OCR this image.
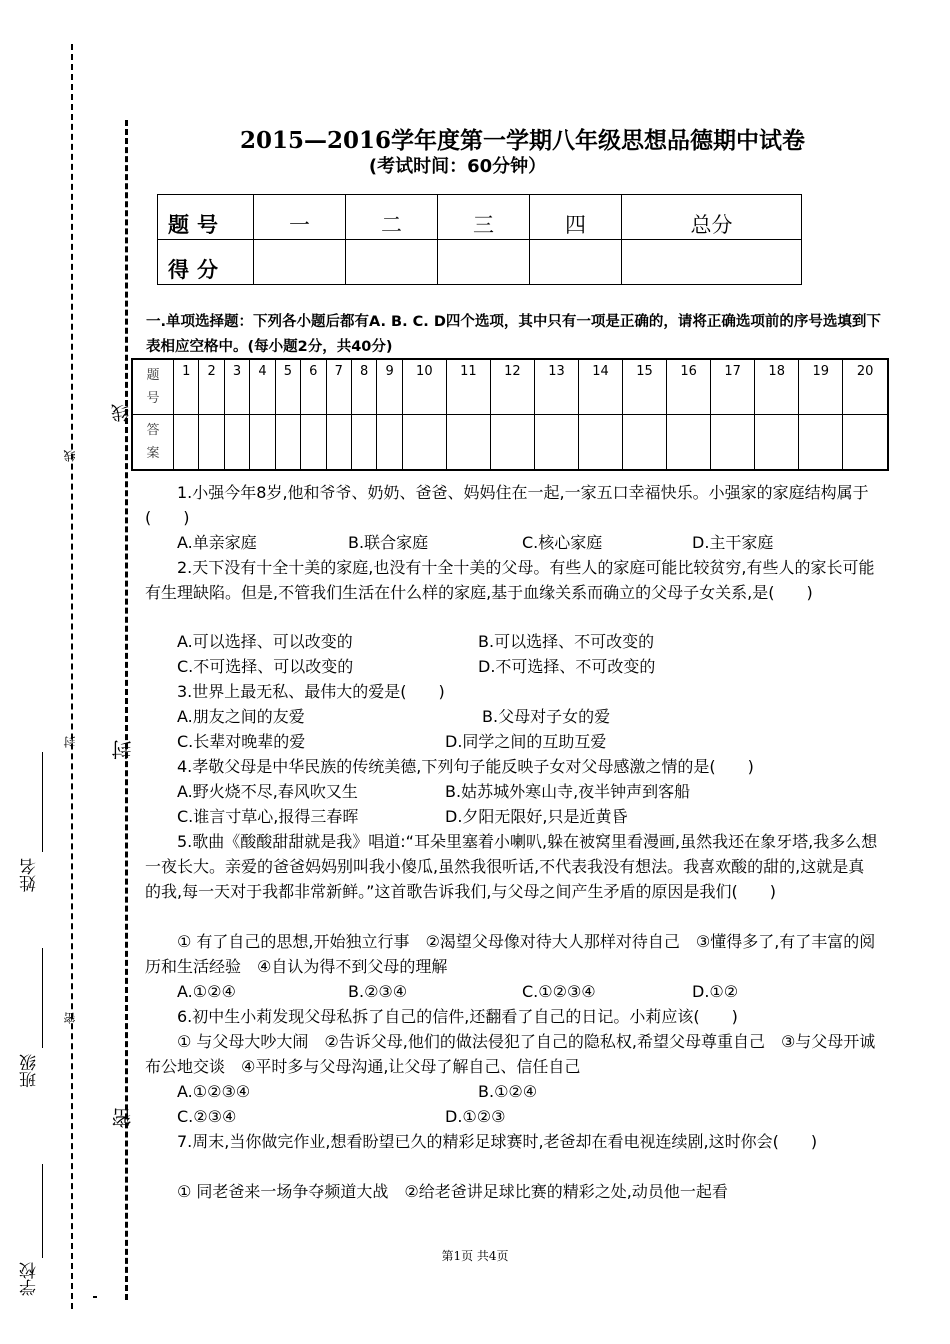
线
封
密
线
封
密
姓名
班级
学校
2015—2016学年度第一学期八年级思想品德期中试卷
(考试时间：60分钟）
题号	一	二	三	四	总分
得分					
一.单项选择题：下列各小题后都有A. B. C. D四个选项，其中只有一项是正确的，请将正确选项前的序号选填到下表相应空格中。(每小题2分，共40分)
题号	1	2	3	4	5	6	7	8	9	10	11	12	13	14	15	16	17	18	19	20

答案																				

1.小强今年8岁,他和爷爷、奶奶、爸爸、妈妈住在一起,一家五口幸福快乐。小强家的家庭结构属于(　　)
A.单亲家庭	B.联合家庭	C.核心家庭	D.主干家庭
2.天下没有十全十美的家庭,也没有十全十美的父母。有些人的家庭可能比较贫穷,有些人的家长可能有生理缺陷。但是,不管我们生活在什么样的家庭,基于血缘关系而确立的父母子女关系,是(　　)
A.可以选择、可以改变的	B.可以选择、不可改变的
C.不可选择、可以改变的	D.不可选择、不可改变的
3.世界上最无私、最伟大的爱是(　　)
A.朋友之间的友爱	B.父母对子女的爱
C.长辈对晚辈的爱	D.同学之间的互助互爱
4.孝敬父母是中华民族的传统美德,下列句子能反映子女对父母感激之情的是(　　)
A.野火烧不尽,春风吹又生	B.姑苏城外寒山寺,夜半钟声到客船
C.谁言寸草心,报得三春晖	D.夕阳无限好,只是近黄昏
5.歌曲《酸酸甜甜就是我》唱道:“耳朵里塞着小喇叭,躲在被窝里看漫画,虽然我还在象牙塔,我多么想一夜长大。亲爱的爸爸妈妈别叫我小傻瓜,虽然我很听话,不代表我没有想法。我喜欢酸的甜的,这就是真的我,每一天对于我都非常新鲜。”这首歌告诉我们,与父母之间产生矛盾的原因是我们(　　)
① 有了自己的思想,开始独立行事　②渴望父母像对待大人那样对待自己　③懂得多了,有了丰富的阅历和生活经验　④自认为得不到父母的理解
A.①②④	B.②③④	C.①②③④	D.①②
6.初中生小莉发现父母私拆了自己的信件,还翻看了自己的日记。小莉应该(　　)
① 与父母大吵大闹　②告诉父母,他们的做法侵犯了自己的隐私权,希望父母尊重自己　③与父母开诚布公地交谈　④平时多与父母沟通,让父母了解自己、信任自己
A.①②③④	B.①②④
C.②③④	D.①②③
7.周末,当你做完作业,想看盼望已久的精彩足球赛时,老爸却在看电视连续剧,这时你会(　　)
① 同老爸来一场争夺频道大战　②给老爸讲足球比赛的精彩之处,动员他一起看
第1页 共4页
